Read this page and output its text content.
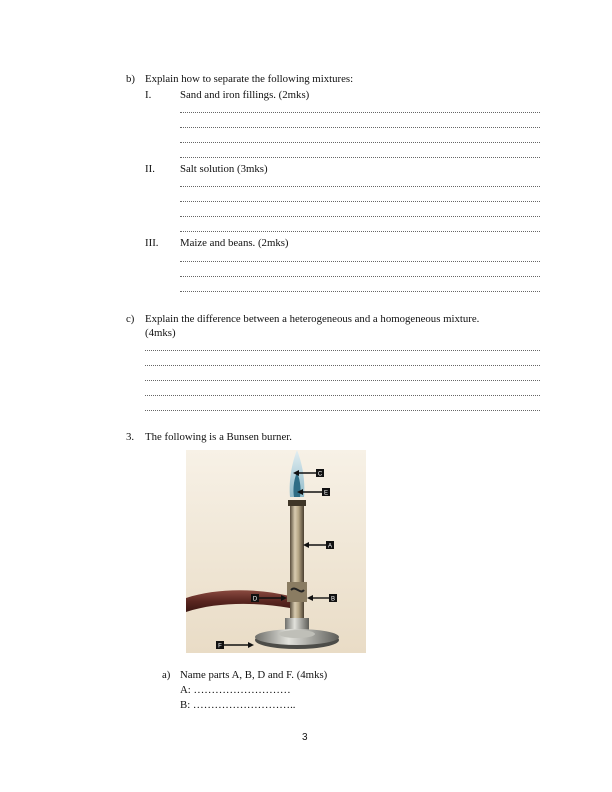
b) Explain how to separate the following mixtures:
I.	Sand and iron fillings. (2mks)
II. Salt solution (3mks)
III. Maize and beans. (2mks)
c) Explain the difference between a heterogeneous and a homogeneous mixture.
(4mks)
3. The following is a Bunsen burner.
C
E
A
D	B
F
a) Name parts A, B, D and F. (4mks)
A: ………………………
B: ………………………..
3
